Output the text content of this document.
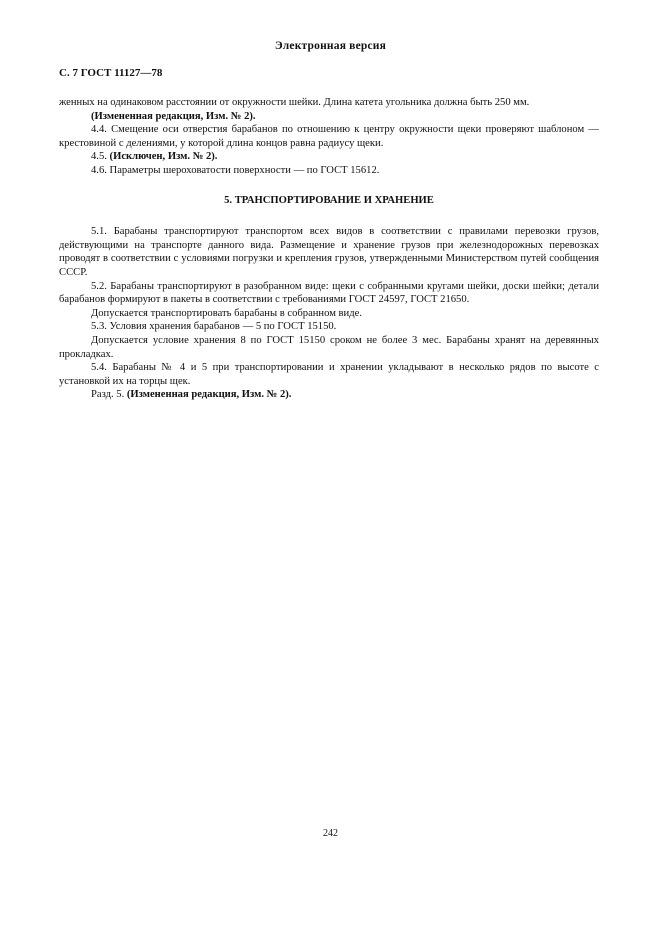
Электронная версия
С. 7 ГОСТ 11127—78

женных на одинаковом расстоянии от окружности шейки. Длина катета угольника должна быть 250 мм.

(Измененная редакция, Изм. № 2).

4.4. Смещение оси отверстия барабанов по отношению к центру окружности щеки проверяют шаблоном — крестовиной с делениями, у которой длина концов равна радиусу щеки.

4.5. (Исключен, Изм. № 2).

4.6. Параметры шероховатости поверхности — по ГОСТ 15612.

5. ТРАНСПОРТИРОВАНИЕ И ХРАНЕНИЕ

5.1. Барабаны транспортируют транспортом всех видов в соответствии с правилами перевозки грузов, действующими на транспорте данного вида. Размещение и хранение грузов при железнодорожных перевозках проводят в соответствии с условиями погрузки и крепления грузов, утвержденными Министерством путей сообщения СССР.

5.2. Барабаны транспортируют в разобранном виде: щеки с собранными кругами шейки, доски шейки; детали барабанов формируют в пакеты в соответствии с требованиями ГОСТ 24597, ГОСТ 21650.

Допускается транспортировать барабаны в собранном виде.

5.3. Условия хранения барабанов — 5 по ГОСТ 15150.

Допускается условие хранения 8 по ГОСТ 15150 сроком не более 3 мес. Барабаны хранят на деревянных прокладках.

5.4. Барабаны № 4 и 5 при транспортировании и хранении укладывают в несколько рядов по высоте с установкой их на торцы щек.

Разд. 5. (Измененная редакция, Изм. № 2).

242
